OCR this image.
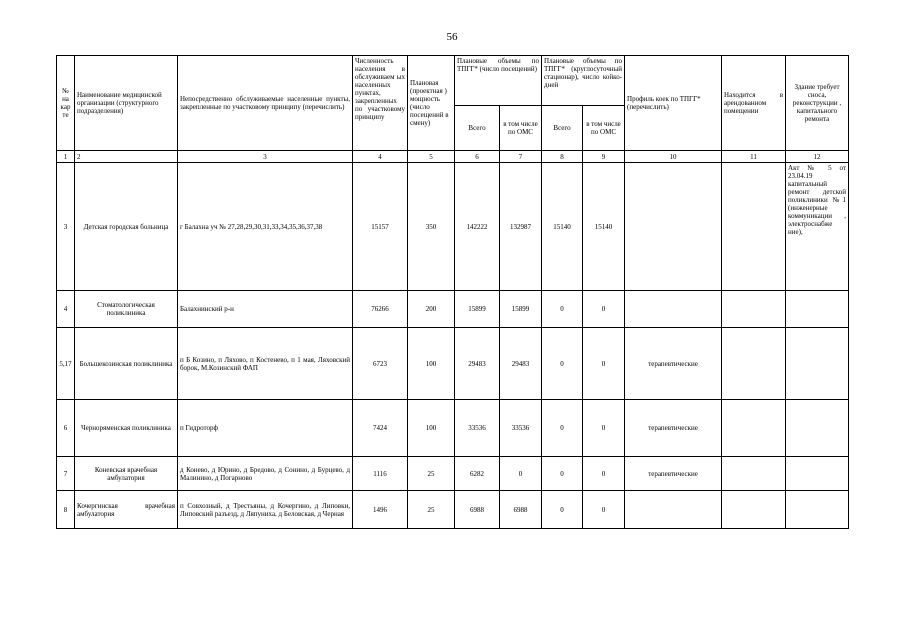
56
№ на кар те	Наименование медицинской организации (структурного подразделения)	Непосредственно обслуживаемые населенные пункты, закрепленные по участковому принципу (перечислить)	Численность населения в обслуживаем ых населенных пунктах, закрепленных по участковому принципу	Плановая (проектная ) мощность (число посещений в смену)	Плановые объемы по ТПГГ* (число посещений)		Плановые объемы по ТПГГ* (круглосуточный стационар), число койко-дней		Профиль коек по ТПГГ* (перечислить)	Находится в арендованном помещении	Здание требует сноса, реконструкции , капитального ремонта
					Всего	в том числе по ОМС	Всего	в том числе по ОМС			
1	2	3	4	5	6	7	8	9	10	11	12
3	Детская городская больница	г Балахна уч № 27,28,29,30,31,33,34,35,36,37,38	15157	350	142222	132987	15140	15140			Акт № 5 от 23.04.19 капитальный ремонт детской поликлиники №1 (инженерные коммуникации , электроснабже ние),
4	Стоматологическая поликлиника	Балахнинский р-н	76266	200	15899	15899	0	0			
5,17	Большекозинская поликлиника	п Б Козино, п Ляхово, п Костенево, п 1 мая, Ляховский борок, М.Козинский ФАП	6723	100	29483	29483	0	0	терапевтические		
6	Черноряменская поликлиника	п Гидроторф	7424	100	33536	33536	0	0	терапевтические		
7	Коневская врачебная амбулатория	д Конево, д Юрино, д Бредово, д Сонино, д Бурцево, д Малинино, д Погарново	1116	25	6282	0	0	0	терапевтические		
8	Кочергинская врачебная амбулатория	п Совхозный, д Трестьяны, д Кочергино, д Липовки, Липовский разъезд, д Ляпуниха, д Беловская, д Черная	1496	25	6988	6988	0	0			
